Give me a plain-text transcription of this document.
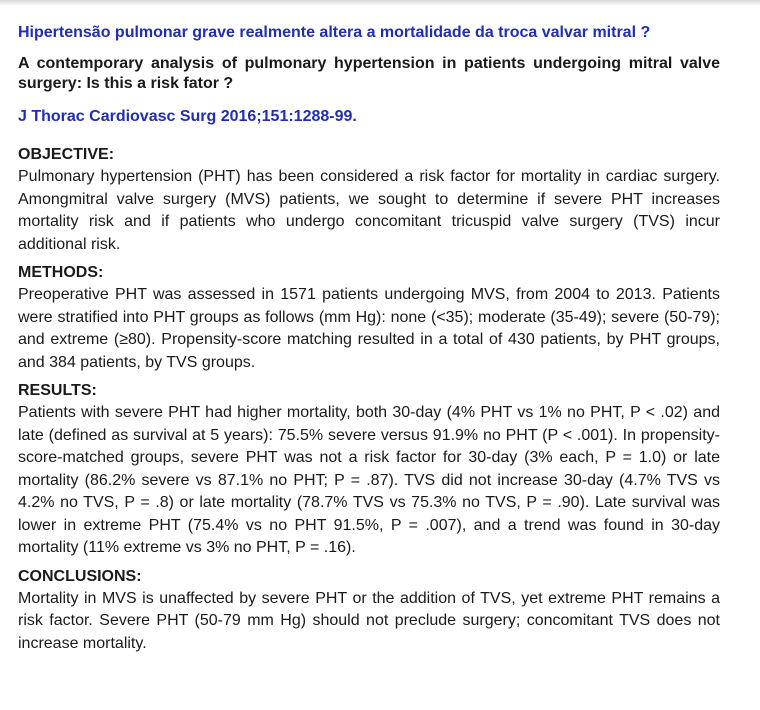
Hipertensão pulmonar grave realmente altera a mortalidade da troca valvar mitral ?
A contemporary analysis of pulmonary hypertension in patients undergoing mitral valve surgery: Is this a risk fator ?
J Thorac Cardiovasc Surg 2016;151:1288-99.
OBJECTIVE:

Pulmonary hypertension (PHT) has been considered a risk factor for mortality in cardiac surgery. Amongmitral valve surgery (MVS) patients, we sought to determine if severe PHT increases mortality risk and if patients who undergo concomitant tricuspid valve surgery (TVS) incur additional risk.

METHODS:

Preoperative PHT was assessed in 1571 patients undergoing MVS, from 2004 to 2013. Patients were stratified into PHT groups as follows (mm Hg): none (<35); moderate (35-49); severe (50-79); and extreme (≥80). Propensity-score matching resulted in a total of 430 patients, by PHT groups, and 384 patients, by TVS groups.

RESULTS:

Patients with severe PHT had higher mortality, both 30-day (4% PHT vs 1% no PHT, P < .02) and late (defined as survival at 5 years): 75.5% severe versus 91.9% no PHT (P < .001). In propensity-score-matched groups, severe PHT was not a risk factor for 30-day (3% each, P = 1.0) or late mortality (86.2% severe vs 87.1% no PHT; P = .87). TVS did not increase 30-day (4.7% TVS vs 4.2% no TVS, P = .8) or late mortality (78.7% TVS vs 75.3% no TVS, P = .90). Late survival was lower in extreme PHT (75.4% vs no PHT 91.5%, P = .007), and a trend was found in 30-day mortality (11% extreme vs 3% no PHT, P = .16).

CONCLUSIONS:

Mortality in MVS is unaffected by severe PHT or the addition of TVS, yet extreme PHT remains a risk factor. Severe PHT (50-79 mm Hg) should not preclude surgery; concomitant TVS does not increase mortality.
